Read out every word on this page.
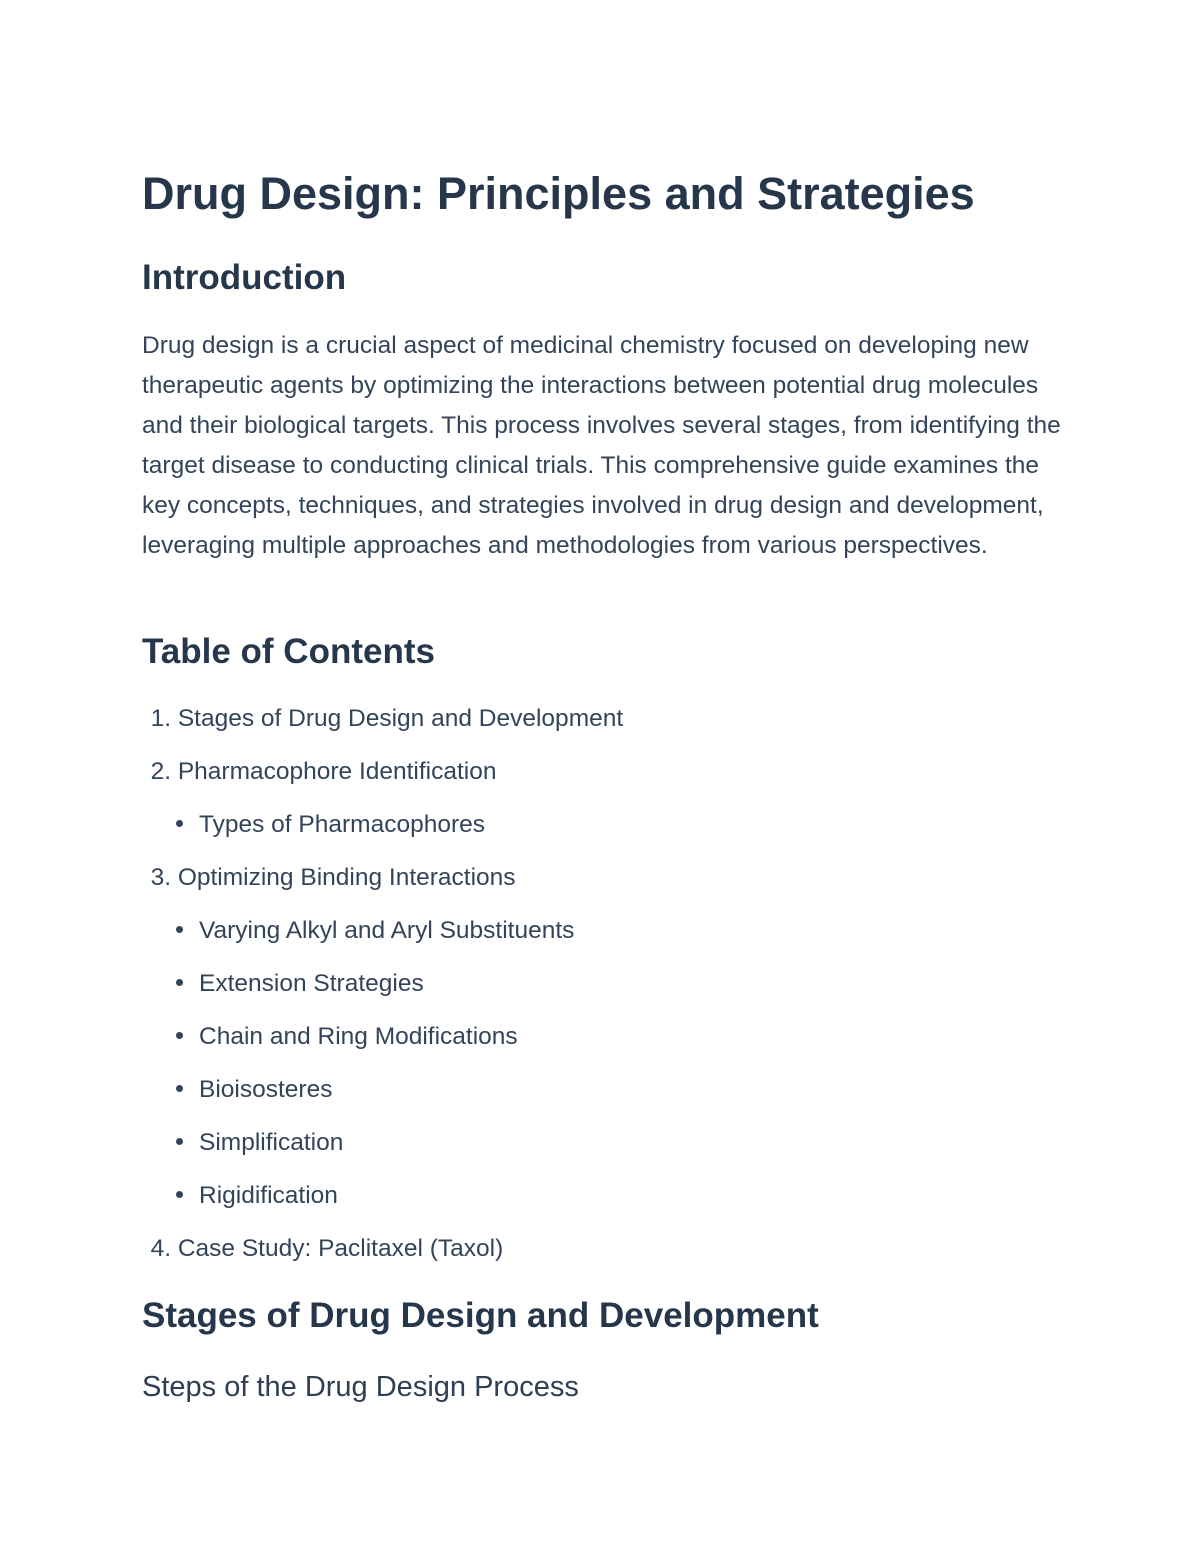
Drug Design: Principles and Strategies
Introduction

Drug design is a crucial aspect of medicinal chemistry focused on developing new therapeutic agents by optimizing the interactions between potential drug molecules and their biological targets. This process involves several stages, from identifying the target disease to conducting clinical trials. This comprehensive guide examines the key concepts, techniques, and strategies involved in drug design and development, leveraging multiple approaches and methodologies from various perspectives.

Table of Contents
1. Stages of Drug Design and Development
2. Pharmacophore Identification
Types of Pharmacophores
3. Optimizing Binding Interactions
Varying Alkyl and Aryl Substituents
Extension Strategies
Chain and Ring Modifications
Bioisosteres
Simplification
Rigidification
4. Case Study: Paclitaxel (Taxol)
Stages of Drug Design and Development
Steps of the Drug Design Process
